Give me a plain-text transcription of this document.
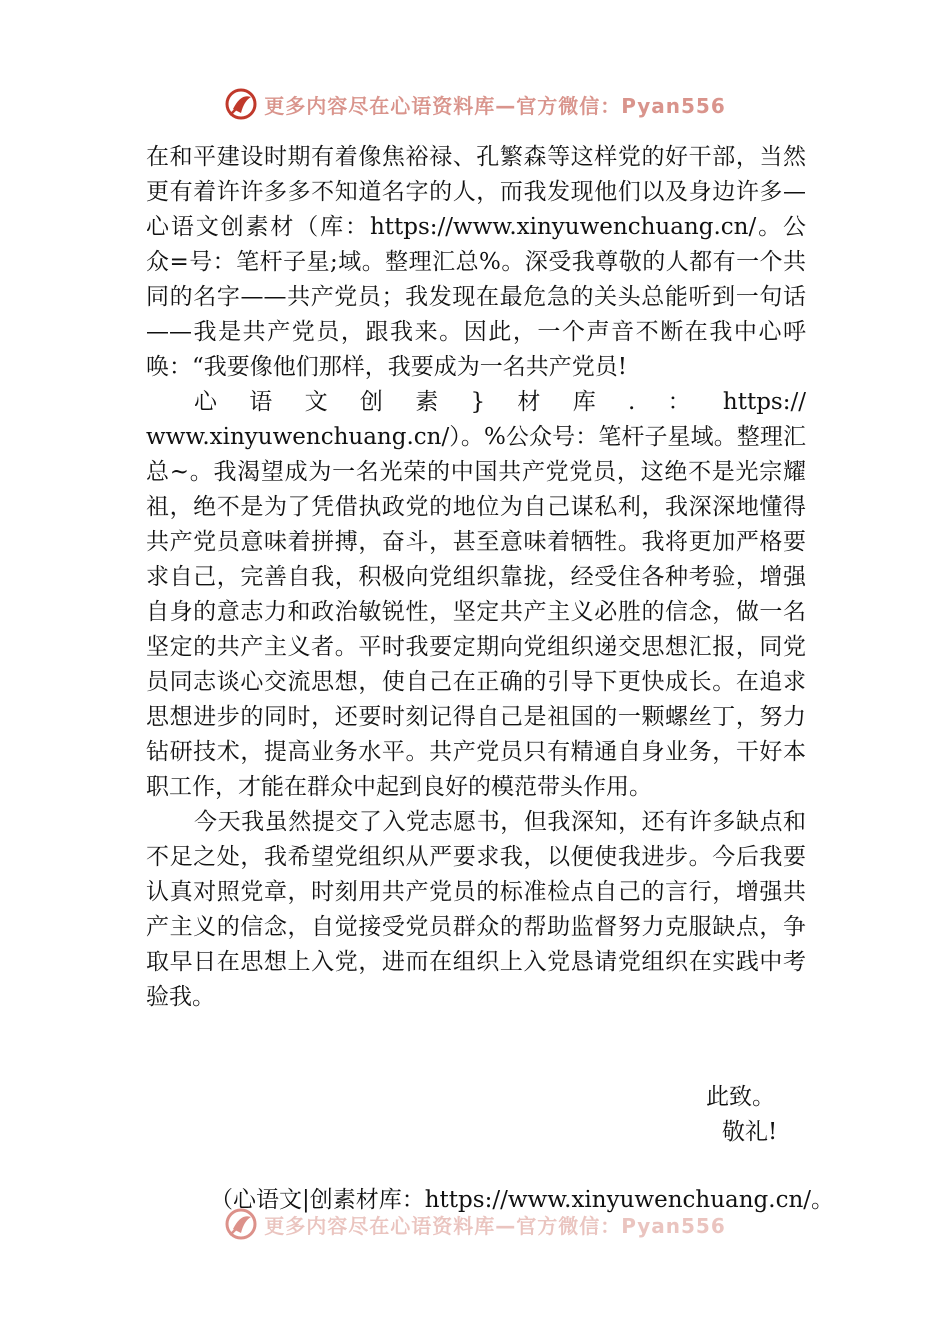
更多内容尽在心语资料库—官方微信：Pyan556

在和平建设时期有着像焦裕禄、孔繁森等这样党的好干部，当然更有着许许多多不知道名字的人，而我发现他们以及身边许多—心语文创素材（库：https://www.xinyuwenchuang.cn/。公众=号：笔杆子星;域。整理汇总%。深受我尊敬的人都有一个共同的名字——共产党员；我发现在最危急的关头总能听到一句话——我是共产党员，跟我来。因此，一个声音不断在我中心呼唤：“我要像他们那样，我要成为一名共产党员!

心语文创素}材库.：https://
www.xinyuwenchuang.cn/）。%公众号：笔杆子星域。整理汇总~。我渴望成为一名光荣的中国共产党党员，这绝不是光宗耀祖，绝不是为了凭借执政党的地位为自己谋私利，我深深地懂得共产党员意味着拼搏，奋斗，甚至意味着牺牲。我将更加严格要求自己，完善自我，积极向党组织靠拢，经受住各种考验，增强自身的意志力和政治敏锐性，坚定共产主义必胜的信念，做一名坚定的共产主义者。平时我要定期向党组织递交思想汇报，同党员同志谈心交流思想，使自己在正确的引导下更快成长。在追求思想进步的同时，还要时刻记得自己是祖国的一颗螺丝丁，努力钻研技术，提高业务水平。共产党员只有精通自身业务，干好本职工作，才能在群众中起到良好的模范带头作用。

今天我虽然提交了入党志愿书，但我深知，还有许多缺点和不足之处，我希望党组织从严要求我，以便使我进步。今后我要认真对照党章，时刻用共产党员的标准检点自己的言行，增强共产主义的信念，自觉接受党员群众的帮助监督努力克服缺点，争取早日在思想上入党，进而在组织上入党恳请党组织在实践中考验我。

此致。
敬礼!
（心语文|创素材库：https://www.xinyuwenchuang.cn/。
更多内容尽在心语资料库—官方微信：Pyan556
